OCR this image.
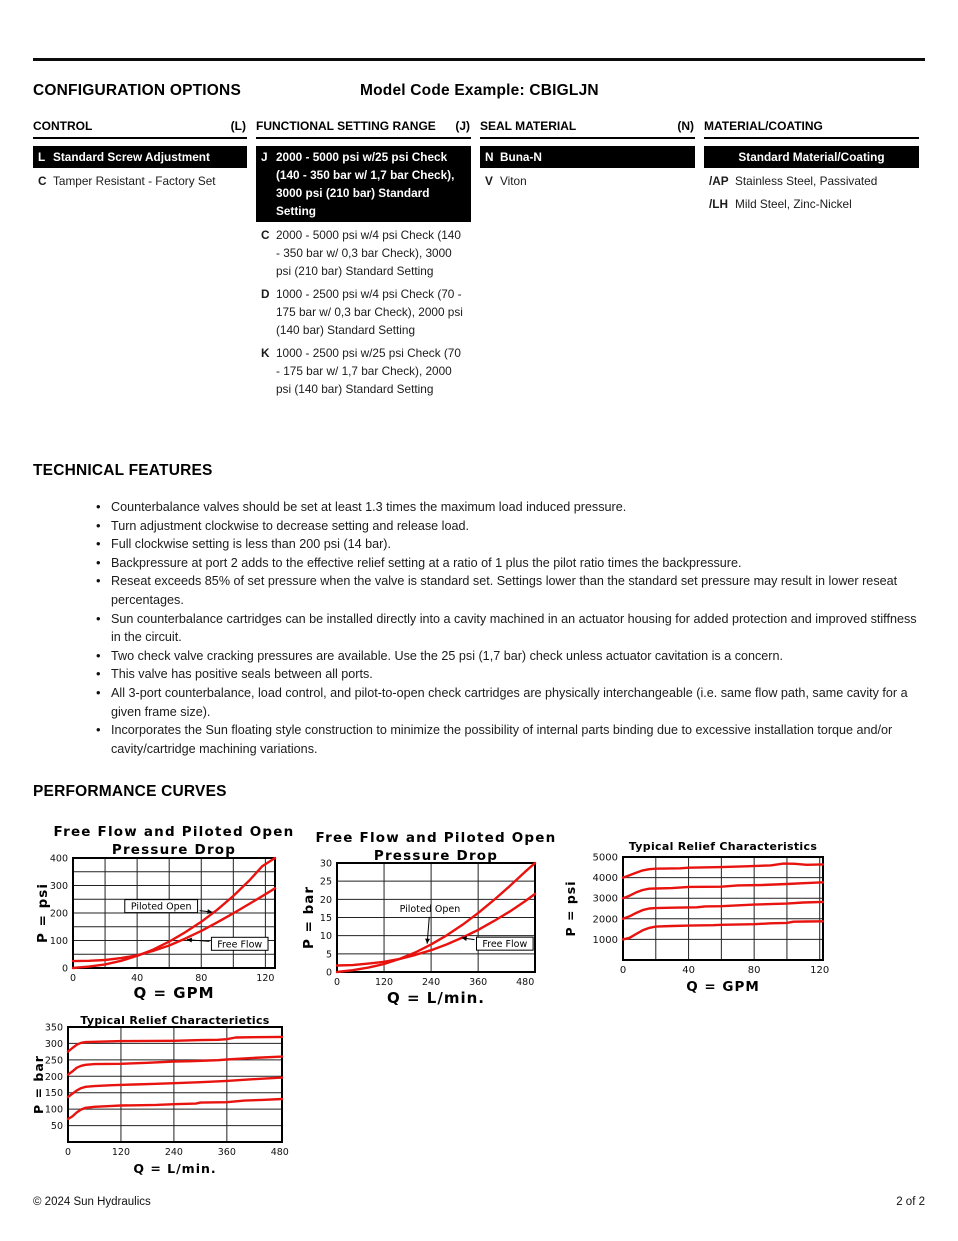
CONFIGURATION OPTIONS	Model Code Example: CBIGLJN
CONTROL	(L)
L Standard Screw Adjustment
C Tamper Resistant - Factory Set
FUNCTIONAL SETTING RANGE (J)
J 2000 - 5000 psi w/25 psi Check (140 - 350 bar w/ 1,7 bar Check), 3000 psi (210 bar) Standard Setting
C 2000 - 5000 psi w/4 psi Check (140 - 350 bar w/ 0,3 bar Check), 3000 psi (210 bar) Standard Setting
D 1000 - 2500 psi w/4 psi Check (70 - 175 bar w/ 0,3 bar Check), 2000 psi (140 bar) Standard Setting
K 1000 - 2500 psi w/25 psi Check (70 - 175 bar w/ 1,7 bar Check), 2000 psi (140 bar) Standard Setting
SEAL MATERIAL	(N)
N Buna-N
V Viton
MATERIAL/COATING
Standard Material/Coating
/AP Stainless Steel, Passivated
/LH Mild Steel, Zinc-Nickel
TECHNICAL FEATURES
• Counterbalance valves should be set at least 1.3 times the maximum load induced pressure.
• Turn adjustment clockwise to decrease setting and release load.
• Full clockwise setting is less than 200 psi (14 bar).
• Backpressure at port 2 adds to the effective relief setting at a ratio of 1 plus the pilot ratio times the backpressure.
• Reseat exceeds 85% of set pressure when the valve is standard set. Settings lower than the standard set pressure may result in lower reseat percentages.
• Sun counterbalance cartridges can be installed directly into a cavity machined in an actuator housing for added protection and improved stiffness in the circuit.
• Two check valve cracking pressures are available. Use the 25 psi (1,7 bar) check unless actuator cavitation is a concern.
• This valve has positive seals between all ports.
• All 3-port counterbalance, load control, and pilot-to-open check cartridges are physically interchangeable (i.e. same flow path, same cavity for a given frame size).
• Incorporates the Sun floating style construction to minimize the possibility of internal parts binding due to excessive installation torque and/or cavity/cartridge machining variations.
PERFORMANCE CURVES
Free Flow and Piloted Open
Pressure Drop
0	40	80	120
0
100
200
300
400
Q = GPM
P = psi	Piloted Open
Free Flow
Free Flow and Piloted Open
Pressure Drop
0	120	240	360	480
0
5
10
15
20
25
30
Q = L/min.
P = bar	Piloted Open
Free Flow
Typical Relief Characteristics
0	40	80	120
1000
2000
3000
4000
5000
Q = GPM
P = psi
Typical Relief Characterietics
0	120	240	360	480
50
100
150
200
250
300
350
Q = L/min.
P = bar
© 2024 Sun Hydraulics	2 of 2
